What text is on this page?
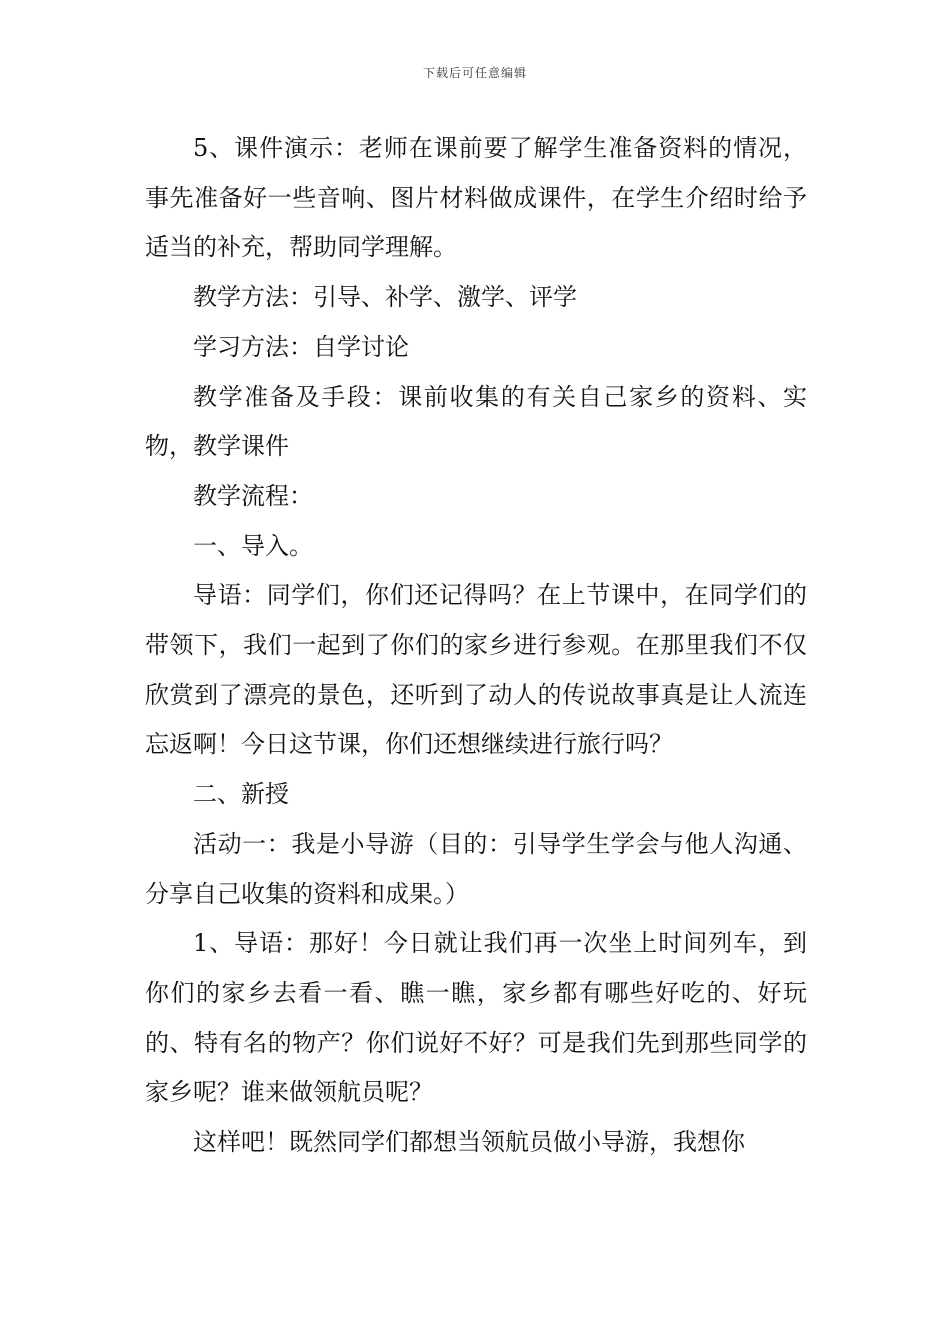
下载后可任意编辑

5、课件演示：老师在课前要了解学生准备资料的情况，事先准备好一些音响、图片材料做成课件，在学生介绍时给予适当的补充，帮助同学理解。

教学方法：引导、补学、激学、评学

学习方法：自学讨论

教学准备及手段：课前收集的有关自己家乡的资料、实物，教学课件

教学流程：

一、导入。

导语：同学们，你们还记得吗？在上节课中，在同学们的带领下，我们一起到了你们的家乡进行参观。在那里我们不仅欣赏到了漂亮的景色，还听到了动人的传说故事真是让人流连忘返啊！今日这节课，你们还想继续进行旅行吗？

二、新授

活动一：我是小导游（目的：引导学生学会与他人沟通、分享自己收集的资料和成果。）

1、导语：那好！今日就让我们再一次坐上时间列车，到你们的家乡去看一看、瞧一瞧，家乡都有哪些好吃的、好玩的、特有名的物产？你们说好不好？可是我们先到那些同学的家乡呢？谁来做领航员呢？

这样吧！既然同学们都想当领航员做小导游，我想你
